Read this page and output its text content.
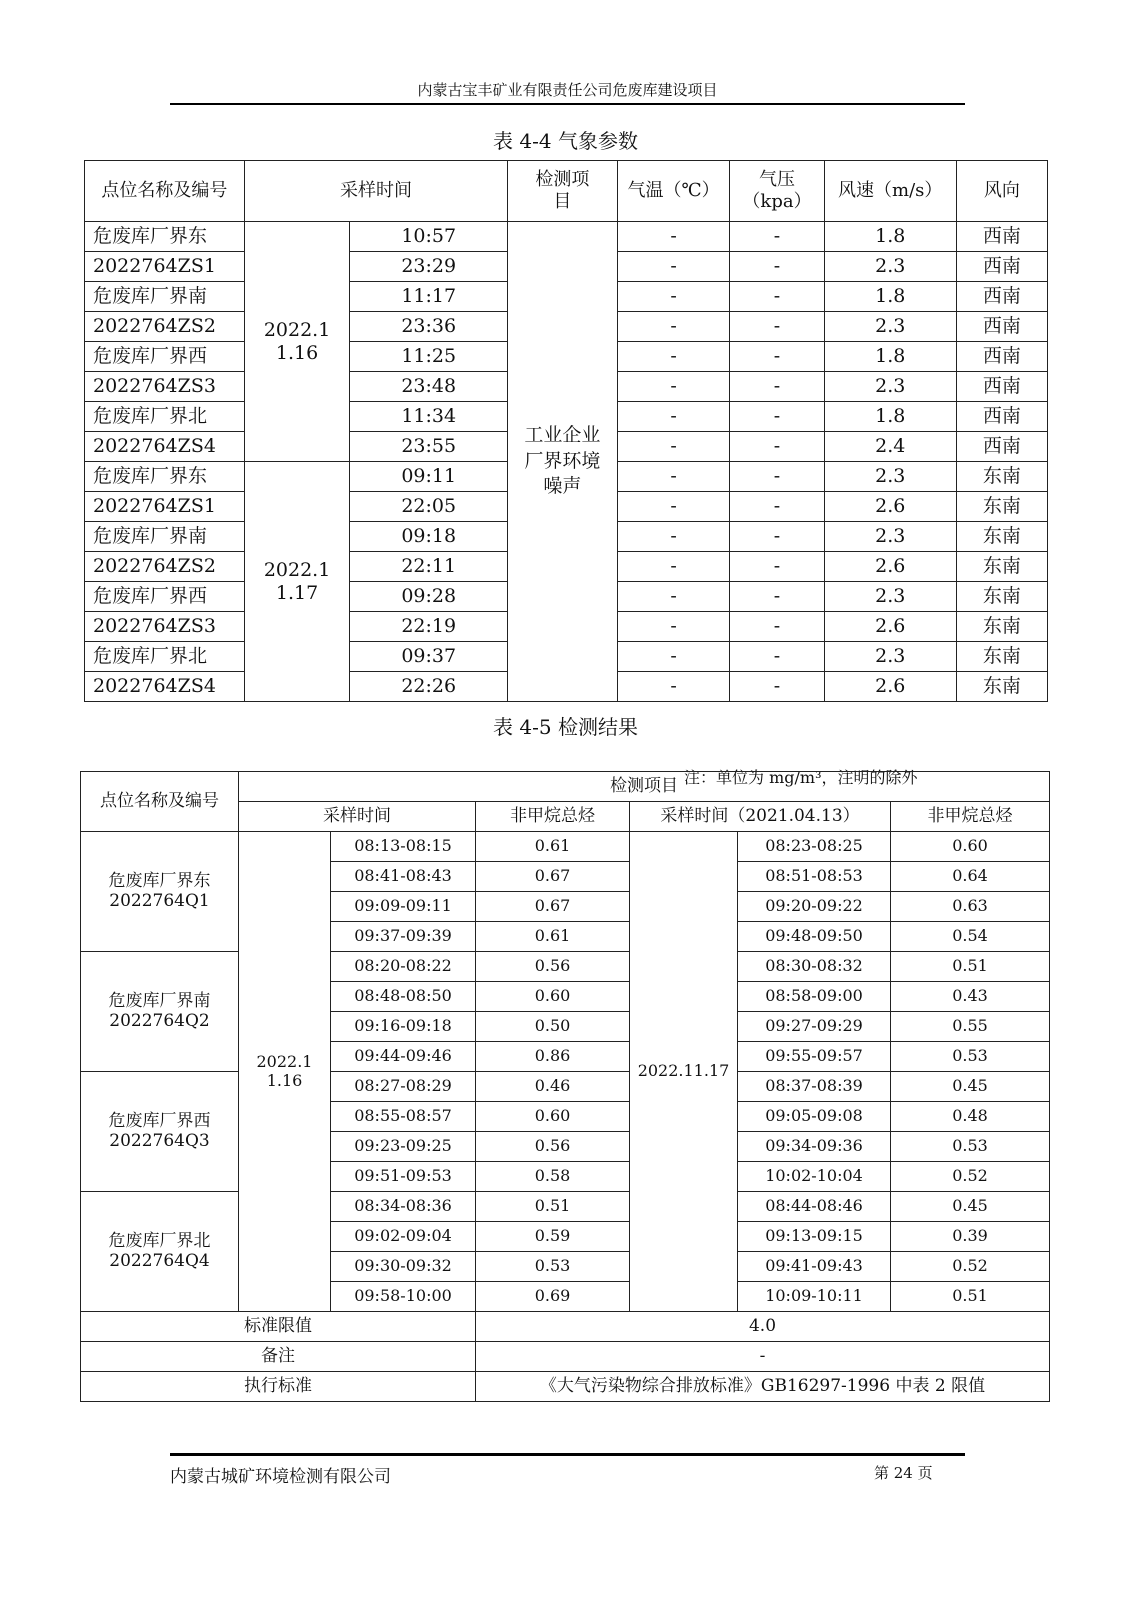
内蒙古宝丰矿业有限责任公司危废库建设项目
表 4-4 气象参数
点位名称及编号	采样时间		检测项目	气温（℃）	气压（kpa）	风速（m/s）	风向
危废库厂界东	2022.11.16	10:57	工业企业厂界环境噪声	-	-	1.8	西南
2022764ZS1		23:29		-	-	2.3	西南
危废库厂界南		11:17		-	-	1.8	西南
2022764ZS2		23:36		-	-	2.3	西南
危废库厂界西		11:25		-	-	1.8	西南
2022764ZS3		23:48		-	-	2.3	西南
危废库厂界北		11:34		-	-	1.8	西南
2022764ZS4		23:55		-	-	2.4	西南
危废库厂界东	2022.11.17	09:11		-	-	2.3	东南
2022764ZS1		22:05		-	-	2.6	东南
危废库厂界南		09:18		-	-	2.3	东南
2022764ZS2		22:11		-	-	2.6	东南
危废库厂界西		09:28		-	-	2.3	东南
2022764ZS3		22:19		-	-	2.6	东南
危废库厂界北		09:37		-	-	2.3	东南
2022764ZS4		22:26		-	-	2.6	东南
表 4-5 检测结果
注：单位为 mg/m³，注明的除外
点位名称及编号	检测项目					
	采样时间		非甲烷总烃	采样时间（2021.04.13）		非甲烷总烃

危废库厂界东
2022764Q1	2022.11.16	08:13-08:15	0.61	2022.11.17	08:23-08:25	0.60
		08:41-08:43	0.67		08:51-08:53	0.64
		09:09-09:11	0.67		09:20-09:22	0.63
		09:37-09:39	0.61		09:48-09:50	0.54

危废库厂界南
2022764Q2		08:20-08:22	0.56		08:30-08:32	0.51
		08:48-08:50	0.60		08:58-09:00	0.43
		09:16-09:18	0.50		09:27-09:29	0.55
		09:44-09:46	0.86		09:55-09:57	0.53

危废库厂界西
2022764Q3		08:27-08:29	0.46		08:37-08:39	0.45
		08:55-08:57	0.60		09:05-09:08	0.48
		09:23-09:25	0.56		09:34-09:36	0.53
		09:51-09:53	0.58		10:02-10:04	0.52

危废库厂界北
2022764Q4		08:34-08:36	0.51		08:44-08:46	0.45
		09:02-09:04	0.59		09:13-09:15	0.39
		09:30-09:32	0.53		09:41-09:43	0.52
		09:58-10:00	0.69		10:09-10:11	0.51
标准限值			4.0			
备注			-			
执行标准			《大气污染物综合排放标准》GB16297-1996 中表 2 限值			
内蒙古城矿环境检测有限公司	第 24 页
